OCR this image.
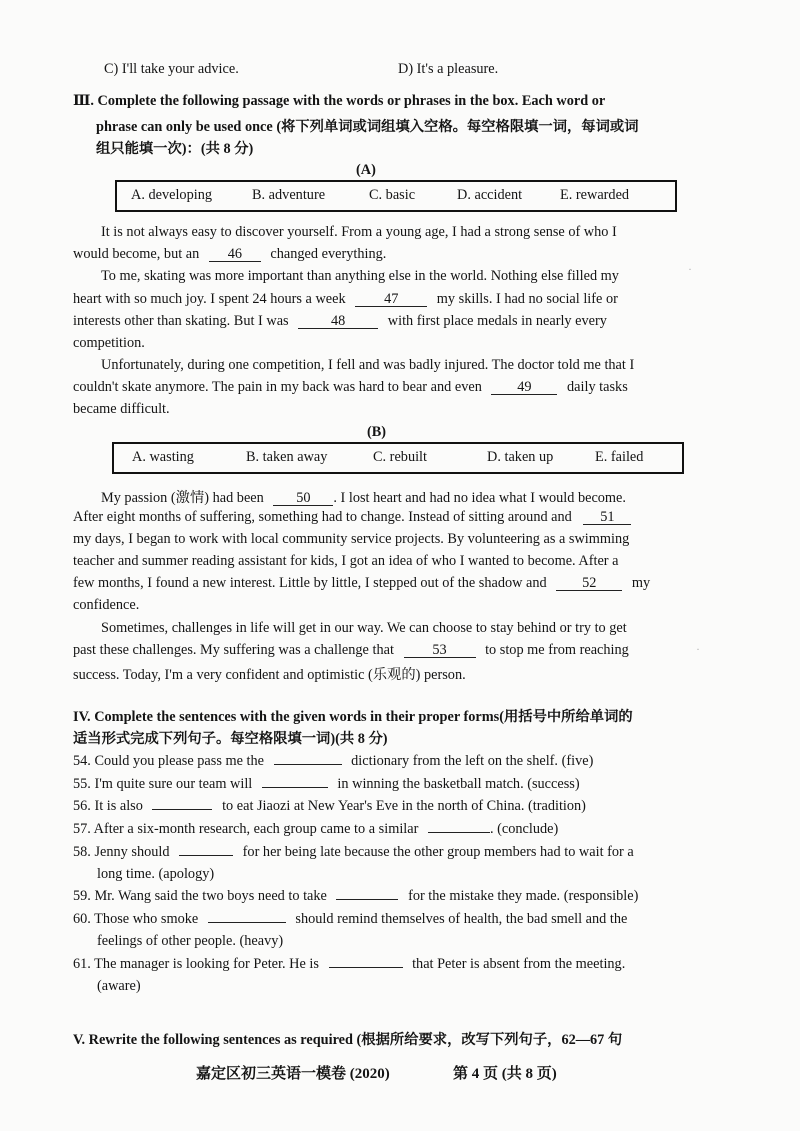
C) I'll take your advice.	D) It's a pleasure.
Ⅲ. Complete the following passage with the words or phrases in the box. Each word or
phrase can only be used once (将下列单词或词组填入空格。每空格限填一词，每词或词
组只能填一次)：(共 8 分)
(A)
A. developing	B. adventure	C. basic	D. accident	E. rewarded
It is not always easy to discover yourself. From a young age, I had a strong sense of who I
would become, but an 46 changed everything.
To me, skating was more important than anything else in the world. Nothing else filled my
heart with so much joy. I spent 24 hours a week	47	my skills. I had no social life or
interests other than skating. But I was	48	with first place medals in nearly every
competition.
Unfortunately, during one competition, I fell and was badly injured. The doctor told me that I
couldn't skate anymore. The pain in my back was hard to bear and even 49 daily tasks
became difficult.
(B)
A. wasting	B. taken away	C. rebuilt	D. taken up	E. failed
My passion (激情) had been 50 . I lost heart and had no idea what I would become.
After eight months of suffering, something had to change. Instead of sitting around and 51
my days, I began to work with local community service projects. By volunteering as a swimming
teacher and summer reading assistant for kids, I got an idea of who I wanted to become. After a
few months, I found a new interest. Little by little, I stepped out of the shadow and 52 my
confidence.
Sometimes, challenges in life will get in our way. We can choose to stay behind or try to get
past these challenges. My suffering was a challenge that	53	to stop me from reaching
success. Today, I'm a very confident and optimistic (乐观的) person.
IV. Complete the sentences with the given words in their proper forms(用括号中所给单词的
适当形式完成下列句子。每空格限填一词)(共 8 分)
54. Could you please pass me the	dictionary from the left on the shelf. (five)
55. I'm quite sure our team will	in winning the basketball match. (success)
56. It is also	to eat Jiaozi at New Year's Eve in the north of China. (tradition)
57. After a six-month research, each group came to a similar	. (conclude)
58. Jenny should	for her being late because the other group members had to wait for a
long time. (apology)
59. Mr. Wang said the two boys need to take	for the mistake they made. (responsible)
60. Those who smoke	should remind themselves of health, the bad smell and the
feelings of other people. (heavy)
61. The manager is looking for Peter. He is	that Peter is absent from the meeting.
(aware)
V. Rewrite the following sentences as required (根据所给要求，改写下列句子，62—67 句
嘉定区初三英语一模卷 (2020)	第 4 页 (共 8 页)
·
·
